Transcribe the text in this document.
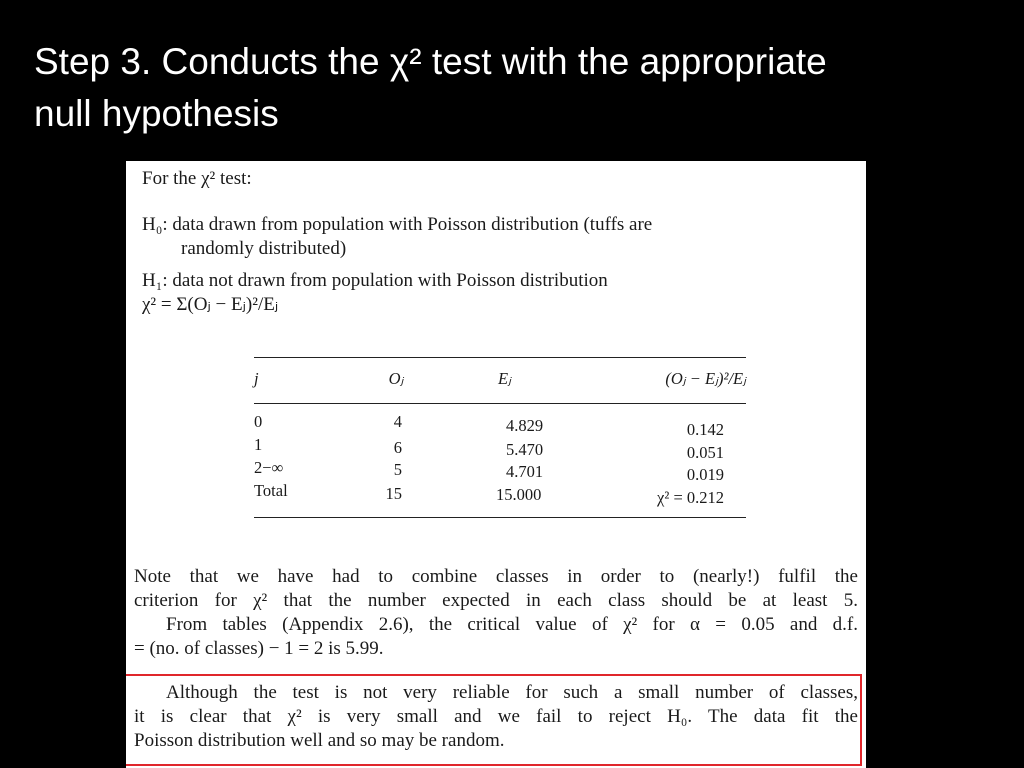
Step 3. Conducts the χ² test with the appropriate
null hypothesis
For the χ² test:
H₀: data drawn from population with Poisson distribution (tuffs are
randomly distributed)
H₁: data not drawn from population with Poisson distribution
χ² = Σ(Oⱼ − Eⱼ)²/Eⱼ
j	Oⱼ	Eⱼ	(Oⱼ − Eⱼ)²/Eⱼ
0	4	4.829	0.142
1	6	5.470	0.051
2−∞	5	4.701	0.019
Total	15	15.000	χ² = 0.212
Note that we have had to combine classes in order to (nearly!) fulfil the
criterion for χ² that the number expected in each class should be at least 5.
From tables (Appendix 2.6), the critical value of χ² for α = 0.05 and d.f.
= (no. of classes) − 1 = 2 is 5.99.
Although the test is not very reliable for such a small number of classes,
it is clear that χ² is very small and we fail to reject H₀. The data fit the
Poisson distribution well and so may be random.
